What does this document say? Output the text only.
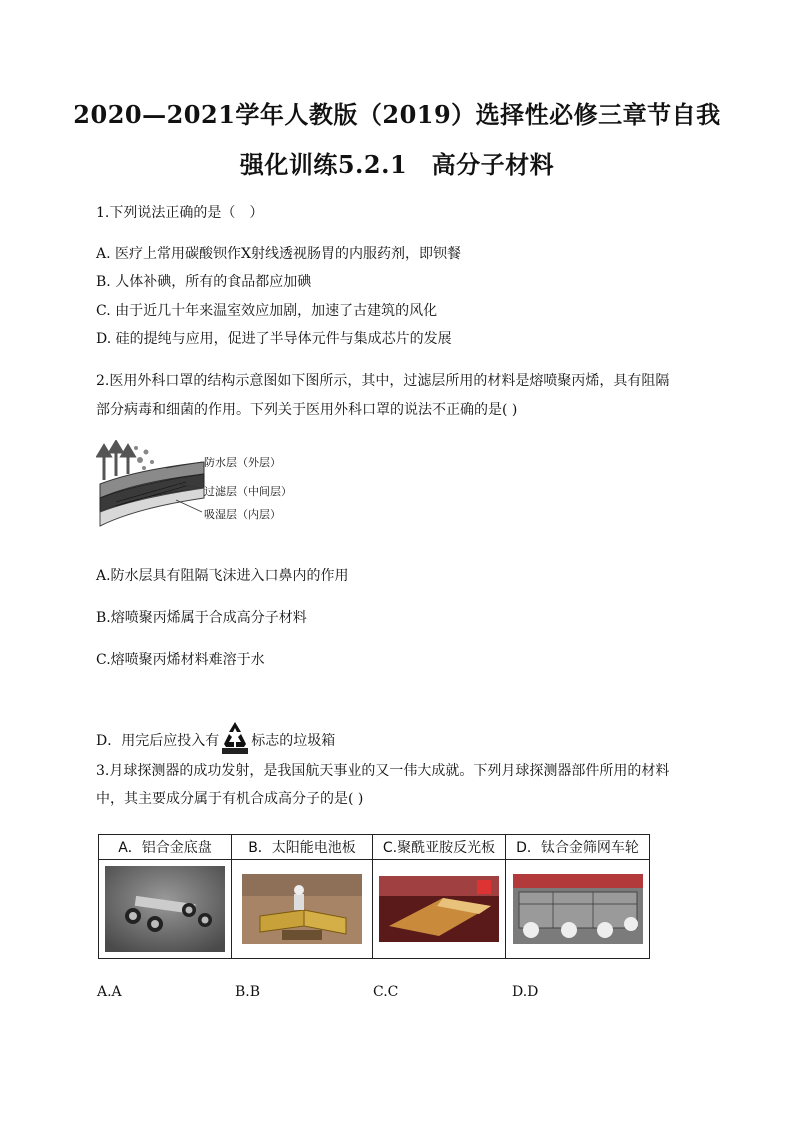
2020—2021学年人教版（2019）选择性必修三章节自我
强化训练5.2.1　高分子材料
1.下列说法正确的是（　）
A. 医疗上常用碳酸钡作X射线透视肠胃的内服药剂，即钡餐
B. 人体补碘，所有的食品都应加碘
C. 由于近几十年来温室效应加剧，加速了古建筑的风化
D. 硅的提纯与应用，促进了半导体元件与集成芯片的发展
2.医用外科口罩的结构示意图如下图所示，其中，过滤层所用的材料是熔喷聚丙烯，具有阻隔
部分病毒和细菌的作用。下列关于医用外科口罩的说法不正确的是( )
防水层（外层）
过滤层（中间层）
吸湿层（内层）
A.防水层具有阻隔飞沫进入口鼻内的作用
B.熔喷聚丙烯属于合成高分子材料
C.熔喷聚丙烯材料难溶于水
D．用完后应投入有 标志的垃圾箱
3.月球探测器的成功发射，是我国航天事业的又一伟大成就。下列月球探测器部件所用的材料
中，其主要成分属于有机合成高分子的是( )
A．铝合金底盘	B．太阳能电池板	C.聚酰亚胺反光板	D．钛合金筛网车轮

A.A	B.B	C.C	D.D
